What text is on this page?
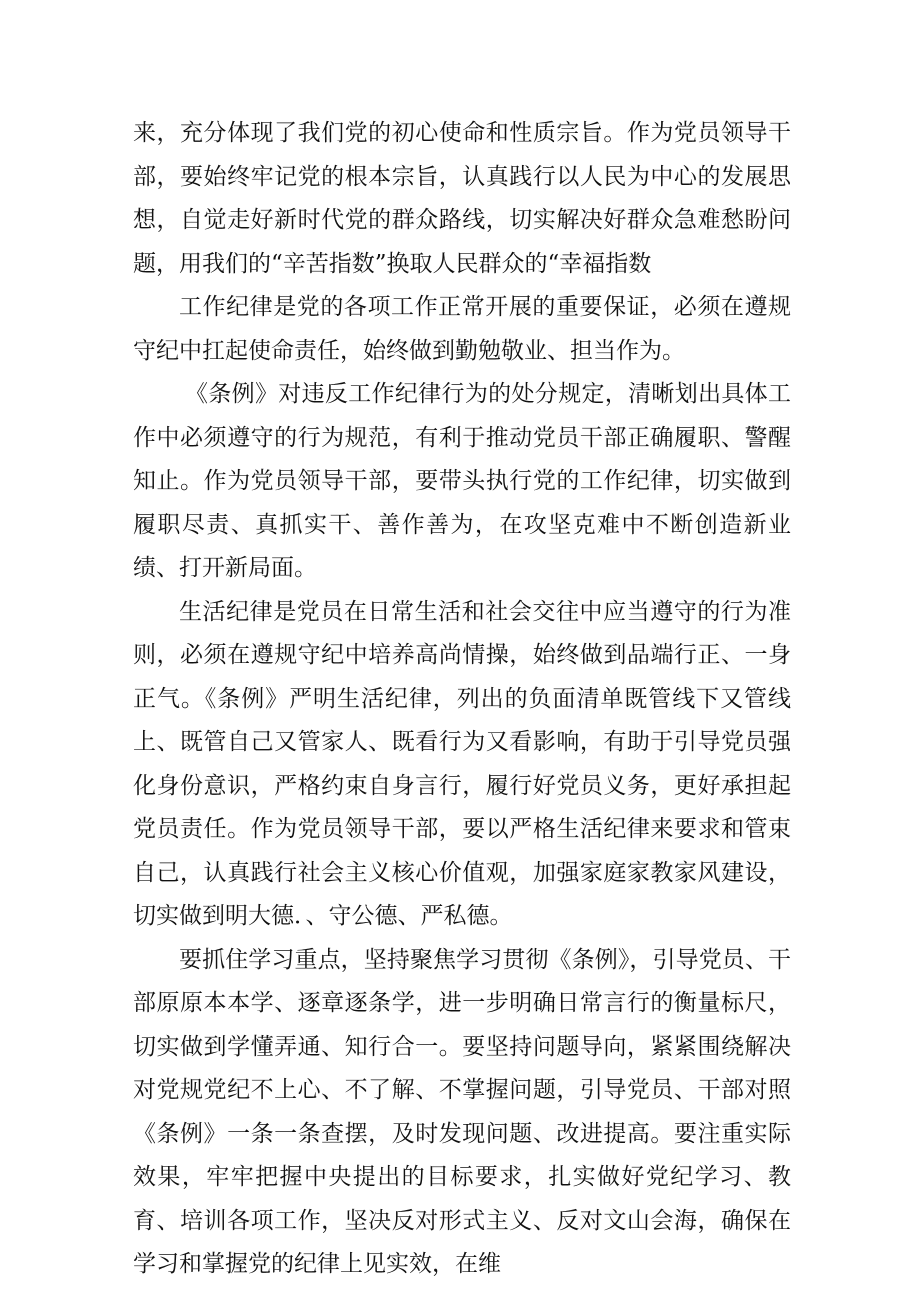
来，充分体现了我们党的初心使命和性质宗旨。作为党员领导干部，要始终牢记党的根本宗旨，认真践行以人民为中心的发展思想，自觉走好新时代党的群众路线，切实解决好群众急难愁盼问题，用我们的“辛苦指数”换取人民群众的“幸福指数

工作纪律是党的各项工作正常开展的重要保证，必须在遵规守纪中扛起使命责任，始终做到勤勉敬业、担当作为。

《条例》对违反工作纪律行为的处分规定，清晰划出具体工作中必须遵守的行为规范，有利于推动党员干部正确履职、警醒知止。作为党员领导干部，要带头执行党的工作纪律，切实做到履职尽责、真抓实干、善作善为，在攻坚克难中不断创造新业绩、打开新局面。

生活纪律是党员在日常生活和社会交往中应当遵守的行为准则，必须在遵规守纪中培养高尚情操，始终做到品端行正、一身正气。《条例》严明生活纪律，列出的负面清单既管线下又管线上、既管自己又管家人、既看行为又看影响，有助于引导党员强化身份意识，严格约束自身言行，履行好党员义务，更好承担起党员责任。作为党员领导干部，要以严格生活纪律来要求和管束自己，认真践行社会主义核心价值观，加强家庭家教家风建设，切实做到明大德．、守公德、严私德。

要抓住学习重点，坚持聚焦学习贯彻《条例》，引导党员、干部原原本本学、逐章逐条学，进一步明确日常言行的衡量标尺，切实做到学懂弄通、知行合一。要坚持问题导向，紧紧围绕解决对党规党纪不上心、不了解、不掌握问题，引导党员、干部对照《条例》一条一条查摆，及时发现问题、改进提高。要注重实际效果，牢牢把握中央提出的目标要求，扎实做好党纪学习、教育、培训各项工作，坚决反对形式主义、反对文山会海，确保在学习和掌握党的纪律上见实效，在维
